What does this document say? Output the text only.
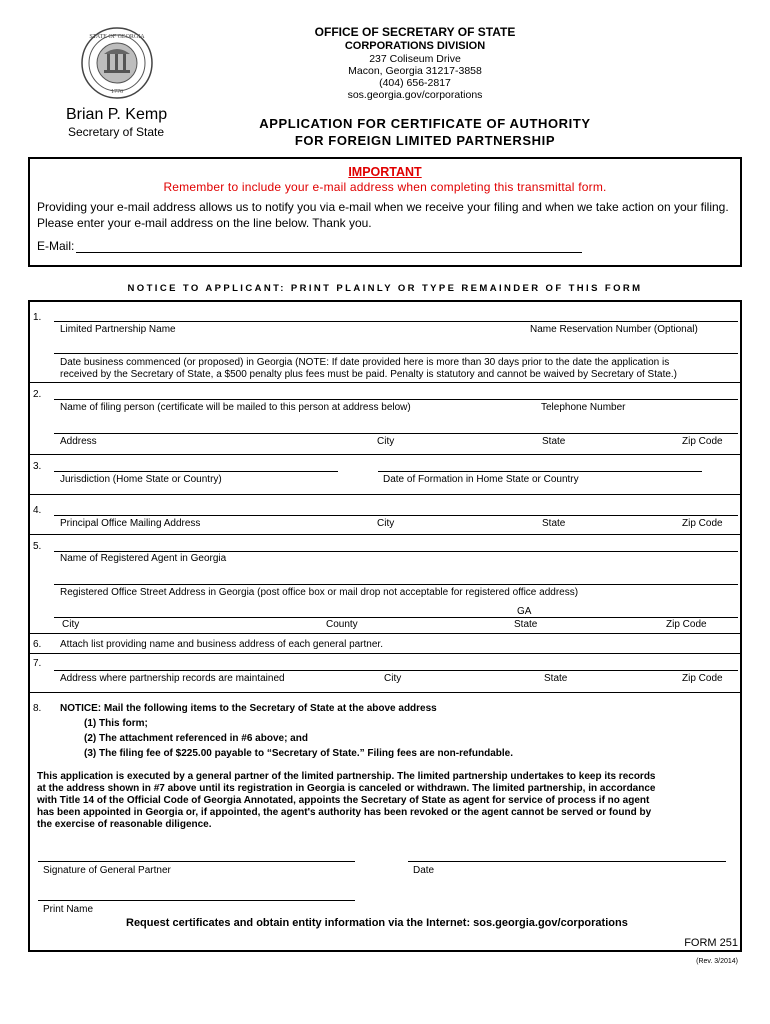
STATE OF GEORGIA
1776
Brian P. Kemp
Secretary of State
OFFICE OF SECRETARY OF STATE
CORPORATIONS DIVISION
237 Coliseum Drive
Macon, Georgia 31217-3858
(404) 656-2817
sos.georgia.gov/corporations
APPLICATION FOR CERTIFICATE OF AUTHORITY
FOR FOREIGN LIMITED PARTNERSHIP
IMPORTANT
Remember to include your e-mail address when completing this transmittal form.
Providing your e-mail address allows us to notify you via e-mail when we receive your filing and when we take action on your filing. Please enter your e-mail address on the line below. Thank you.
E-Mail:
NOTICE TO APPLICANT: PRINT PLAINLY OR TYPE REMAINDER OF THIS FORM
1.
Limited Partnership Name	Name Reservation Number (Optional)
Date business commenced (or proposed) in Georgia (NOTE: If date provided here is more than 30 days prior to the date the application is
received by the Secretary of State, a $500 penalty plus fees must be paid. Penalty is statutory and cannot be waived by Secretary of State.)
2.
Name of filing person (certificate will be mailed to this person at address below)	Telephone Number
Address	City	State	Zip Code
3.
Jurisdiction (Home State or Country)	Date of Formation in Home State or Country
4.
Principal Office Mailing Address	City	State	Zip Code
5.
Name of Registered Agent in Georgia
Registered Office Street Address in Georgia (post office box or mail drop not acceptable for registered office address)
GA
City	County	State	Zip Code
6. Attach list providing name and business address of each general partner.
7.
Address where partnership records are maintained	City	State	Zip Code
8. NOTICE: Mail the following items to the Secretary of State at the above address
(1) This form;
(2) The attachment referenced in #6 above; and
(3) The filing fee of $225.00 payable to “Secretary of State.” Filing fees are non-refundable.
This application is executed by a general partner of the limited partnership. The limited partnership undertakes to keep its records
at the address shown in #7 above until its registration in Georgia is canceled or withdrawn. The limited partnership, in accordance
with Title 14 of the Official Code of Georgia Annotated, appoints the Secretary of State as agent for service of process if no agent
has been appointed in Georgia or, if appointed, the agent's authority has been revoked or the agent cannot be served or found by
the exercise of reasonable diligence.
Signature of General Partner	Date
Print Name
Request certificates and obtain entity information via the Internet: sos.georgia.gov/corporations
FORM 251
(Rev. 3/2014)
